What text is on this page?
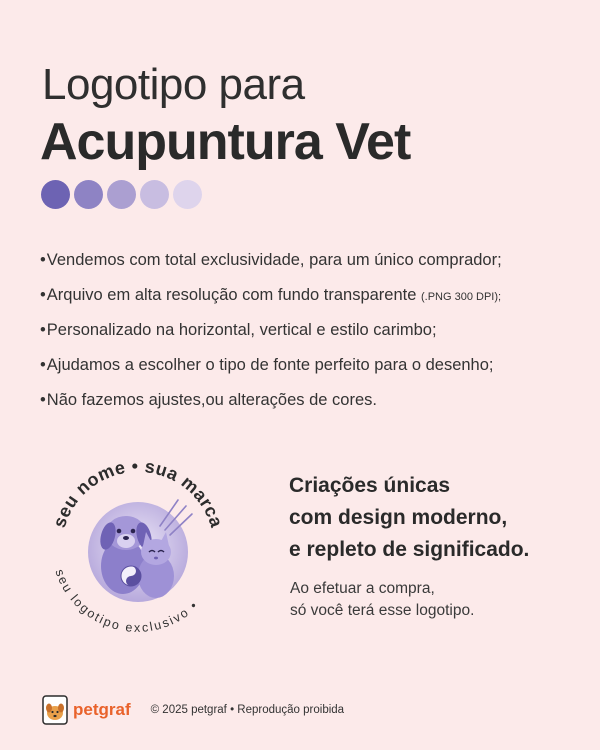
Logotipo para
Acupuntura Vet
•Vendemos com total exclusividade, para um único comprador;
•Arquivo em alta resolução com fundo transparente (.PNG 300 DPI);
•Personalizado na horizontal, vertical e estilo carimbo;
•Ajudamos a escolher o tipo de fonte perfeito para o desenho;
•Não fazemos ajustes,ou alterações de cores.
seu nome • sua marca
seu logotipo exclusivo •
Criações únicas
com design moderno,
e repleto de significado.
Ao efetuar a compra,
só você terá esse logotipo.
petgraf © 2025 petgraf • Reprodução proibida
